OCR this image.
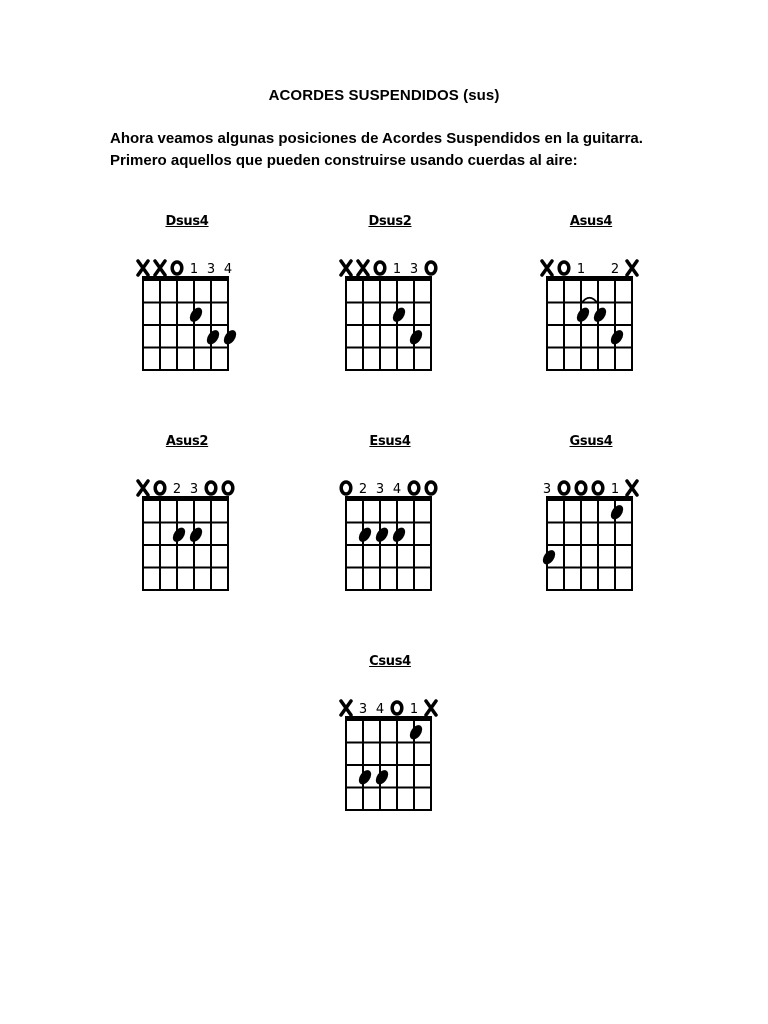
ACORDES SUSPENDIDOS (sus)
Ahora veamos algunas posiciones de Acordes Suspendidos en la guitarra.
Primero aquellos que pueden construirse usando cuerdas al aire:
Dsus4
1 3 4
Dsus2
1 3
Asus4
1 2
Asus2
2 3
Esus4
2 3 4
Gsus4
3	1
Csus4
3 4 1
